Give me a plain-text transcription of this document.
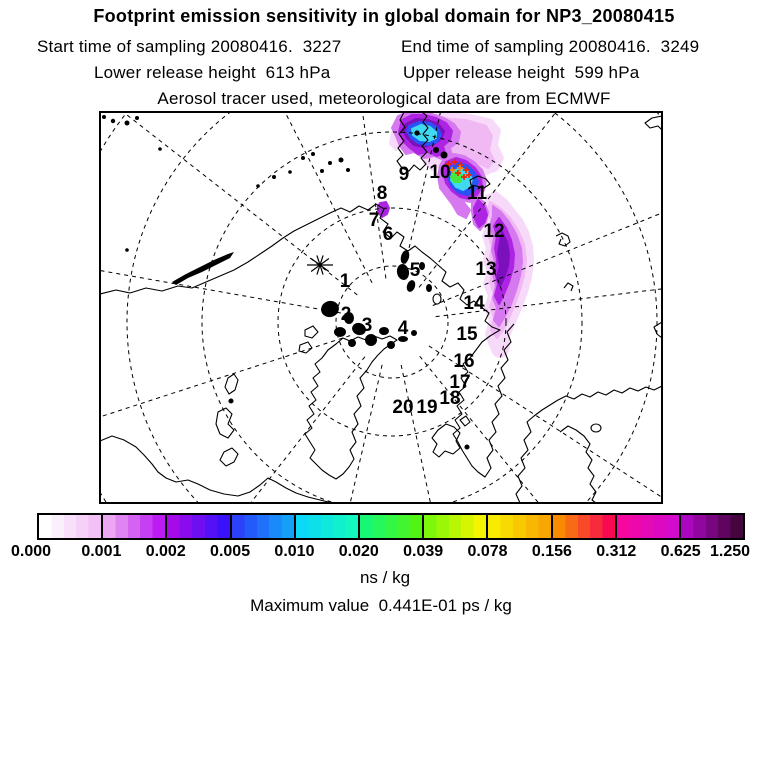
Footprint emission sensitivity in global domain for NP3_20080415
Start time of sampling 20080416.  3227	End time of sampling 20080416.  3249
Lower release height  613 hPa	Upper release height  599 hPa
Aerosol tracer used, meteorological data are from ECMWF
1
2
3 4
5
6
7
8
9 10
11
12
13
14
15
16
17
18
19
20
0.000	0.001	0.002	0.005	0.010	0.020	0.039	0.078	0.156	0.312	0.625 1.250
ns / kg
Maximum value  0.441E-01 ps / kg
